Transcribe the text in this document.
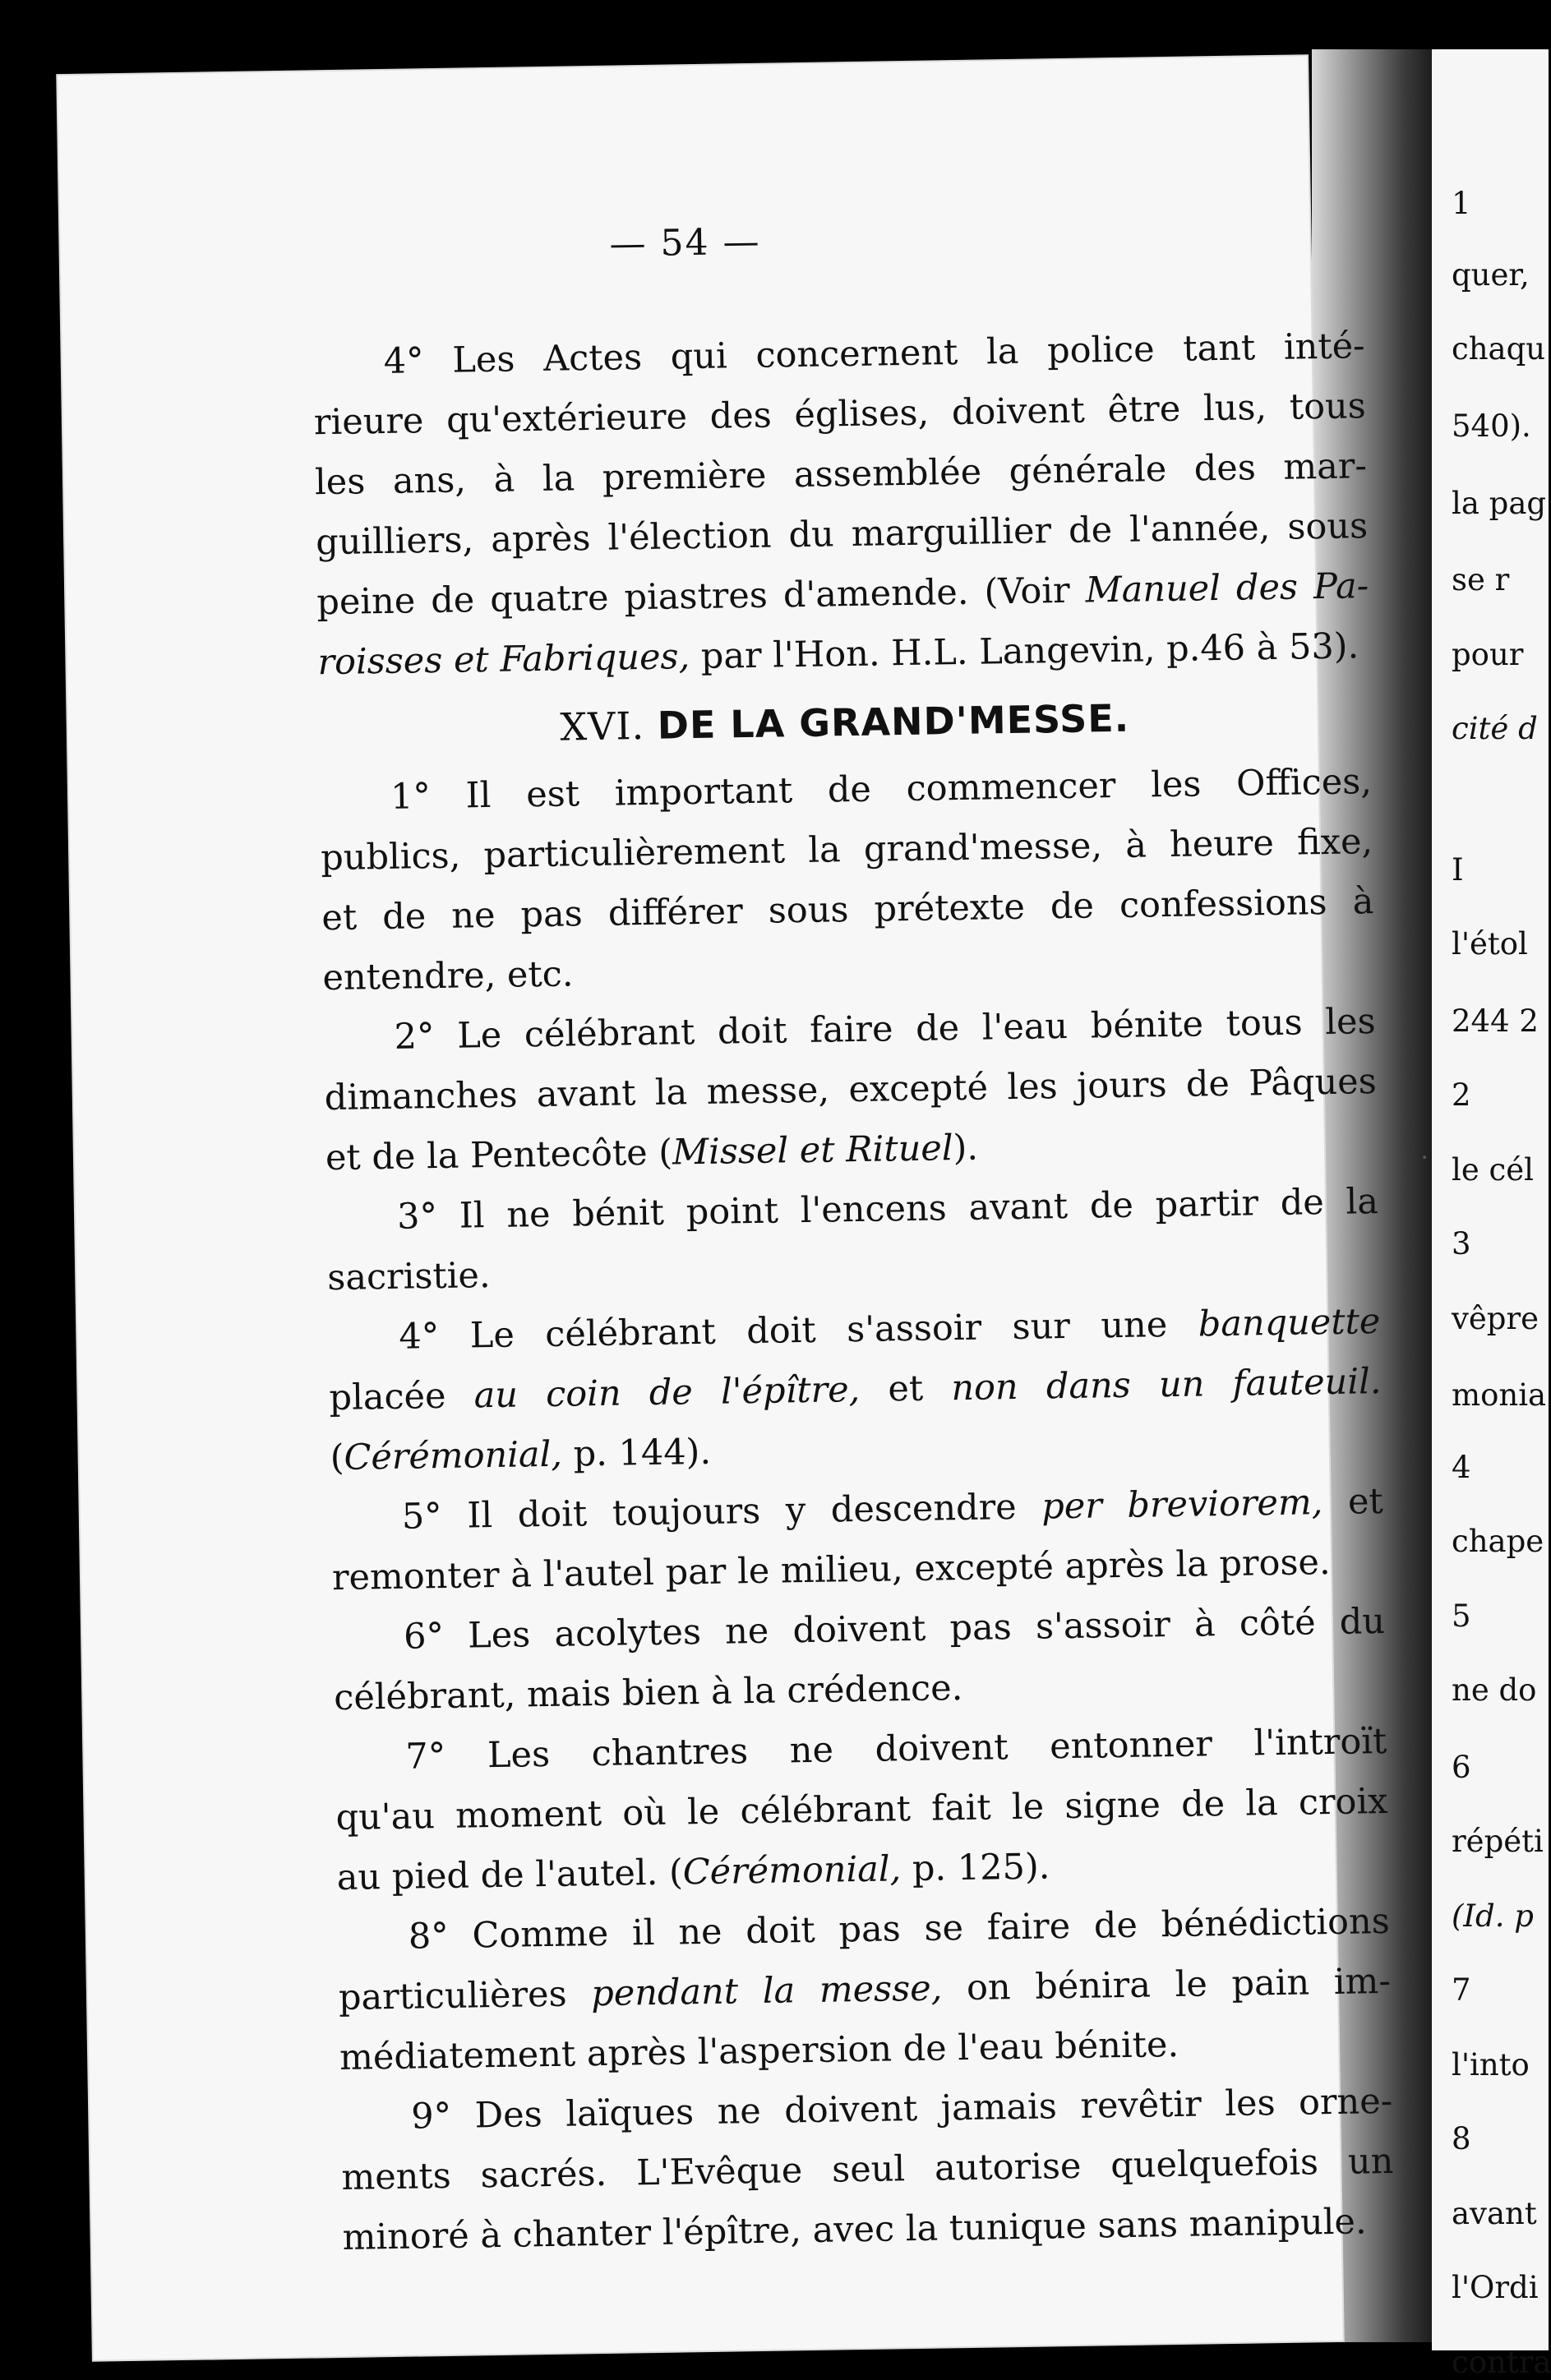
1
quer,
chaqu
540).
la pag
se r
pour
cité d
I
l'étol
244 2
2
le cél
3
vêpre
monia
4
chape
5
ne do
6
répéti
(Id. p
7
l'into
8
avant
l'Ordi
contra
— 54 —
4° Les Actes qui concernent la police tant inté-
rieure qu'extérieure des églises, doivent être lus, tous
les ans, à la première assemblée générale des mar-
guilliers, après l'élection du marguillier de l'année, sous
peine de quatre piastres d'amende. (Voir Manuel des Pa-
roisses et Fabriques, par l'Hon. H.L. Langevin, p.46 à 53).
XVI. DE LA GRAND'MESSE.
1° Il est important de commencer les Offices,
publics, particulièrement la grand'messe, à heure fixe,
et de ne pas différer sous prétexte de confessions à
entendre, etc.
2° Le célébrant doit faire de l'eau bénite tous les
dimanches avant la messe, excepté les jours de Pâques
et de la Pentecôte (Missel et Rituel).
3° Il ne bénit point l'encens avant de partir de la
sacristie.
4° Le célébrant doit s'assoir sur une banquette
placée au coin de l'épître, et non dans un fauteuil.
(Cérémonial, p. 144).
5° Il doit toujours y descendre per breviorem, et
remonter à l'autel par le milieu, excepté après la prose.
6° Les acolytes ne doivent pas s'assoir à côté du
célébrant, mais bien à la crédence.
7° Les chantres ne doivent entonner l'introït
qu'au moment où le célébrant fait le signe de la croix
au pied de l'autel. (Cérémonial, p. 125).
8° Comme il ne doit pas se faire de bénédictions
particulières pendant la messe, on bénira le pain im-
médiatement après l'aspersion de l'eau bénite.
9° Des laïques ne doivent jamais revêtir les orne-
ments sacrés. L'Evêque seul autorise quelquefois un
minoré à chanter l'épître, avec la tunique sans manipule.
